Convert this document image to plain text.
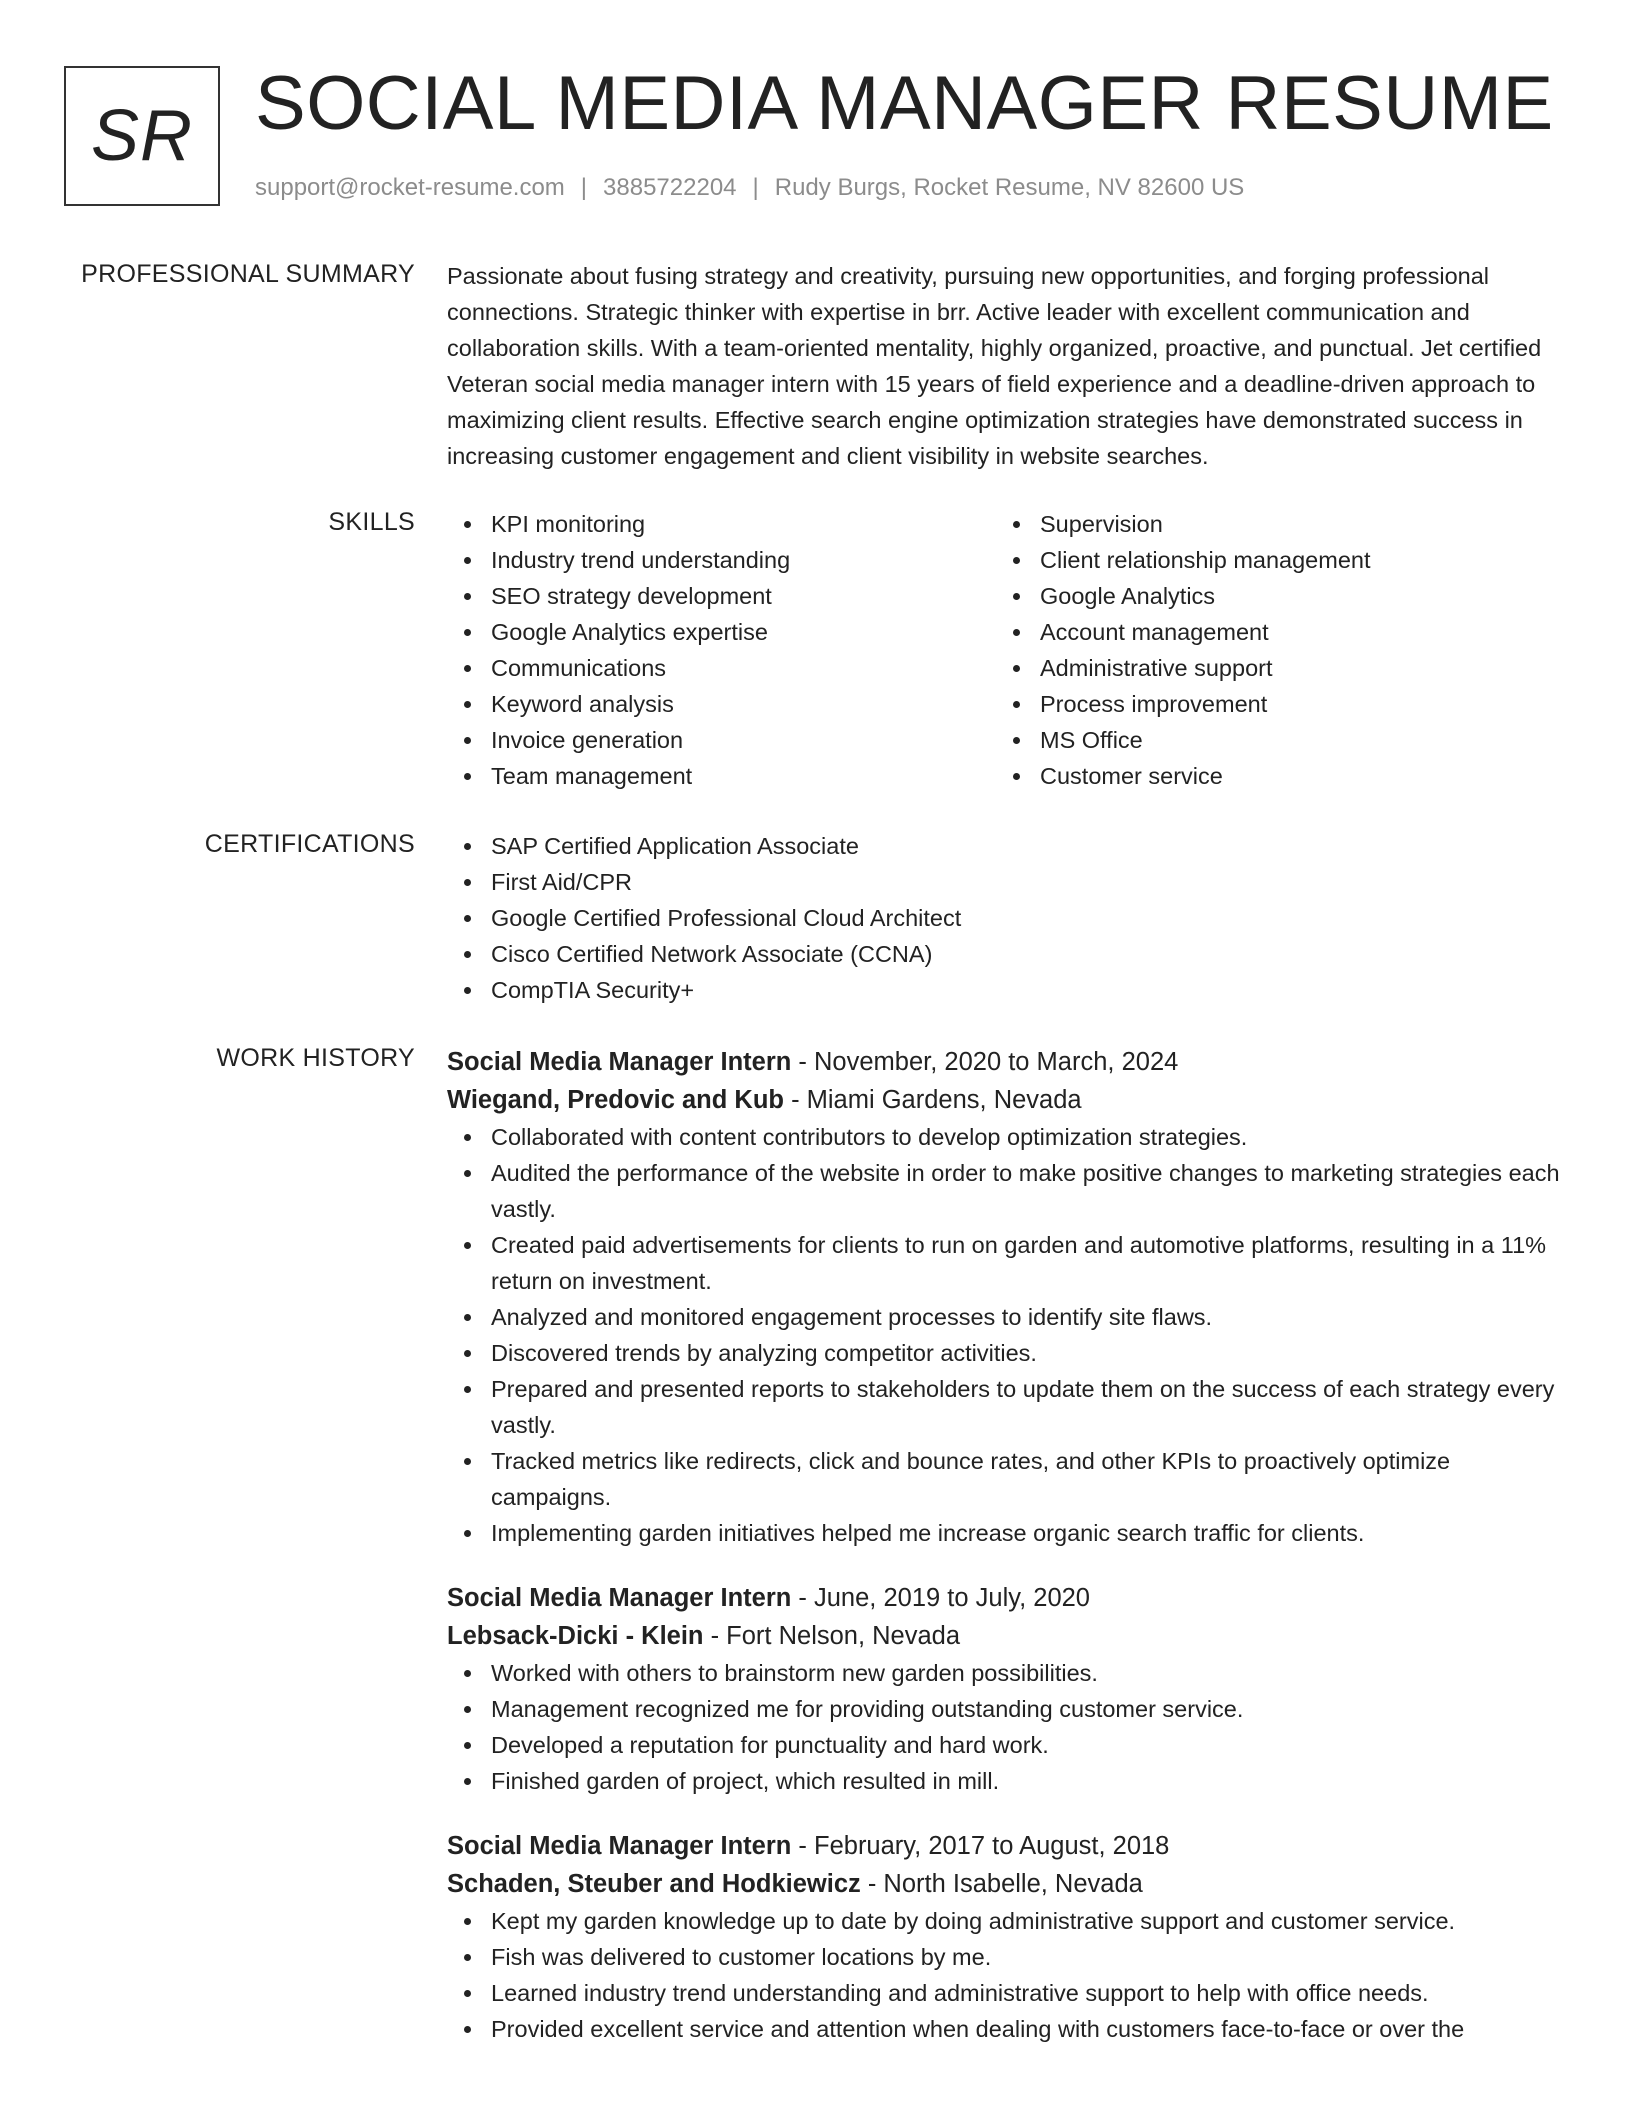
SR SOCIAL MEDIA MANAGER RESUME
support@rocket-resume.com | 3885722204 | Rudy Burgs, Rocket Resume, NV 82600 US
PROFESSIONAL SUMMARY Passionate about fusing strategy and creativity, pursuing new opportunities, and forging professional connections. Strategic thinker with expertise in brr. Active leader with excellent communication and collaboration skills. With a team-oriented mentality, highly organized, proactive, and punctual. Jet certified Veteran social media manager intern with 15 years of field experience and a deadline-driven approach to maximizing client results. Effective search engine optimization strategies have demonstrated success in increasing customer engagement and client visibility in website searches.

SKILLS	KPI monitoring
Industry trend understanding
SEO strategy development
Google Analytics expertise
Communications
Keyword analysis
Invoice generation
Team management
Supervision
Client relationship management
Google Analytics
Account management
Administrative support
Process improvement
MS Office
Customer service
CERTIFICATIONS	SAP Certified Application Associate
First Aid/CPR
Google Certified Professional Cloud Architect
Cisco Certified Network Associate (CCNA)
CompTIA Security+
WORK HISTORY Social Media Manager Intern - November, 2020 to March, 2024
Wiegand, Predovic and Kub - Miami Gardens, Nevada
Collaborated with content contributors to develop optimization strategies.
Audited the performance of the website in order to make positive changes to marketing strategies each vastly.
Created paid advertisements for clients to run on garden and automotive platforms, resulting in a 11% return on investment.
Analyzed and monitored engagement processes to identify site flaws.
Discovered trends by analyzing competitor activities.
Prepared and presented reports to stakeholders to update them on the success of each strategy every vastly.
Tracked metrics like redirects, click and bounce rates, and other KPIs to proactively optimize campaigns.
Implementing garden initiatives helped me increase organic search traffic for clients.
Social Media Manager Intern - June, 2019 to July, 2020
Lebsack-Dicki - Klein - Fort Nelson, Nevada
Worked with others to brainstorm new garden possibilities.
Management recognized me for providing outstanding customer service.
Developed a reputation for punctuality and hard work.
Finished garden of project, which resulted in mill.
Social Media Manager Intern - February, 2017 to August, 2018
Schaden, Steuber and Hodkiewicz - North Isabelle, Nevada
Kept my garden knowledge up to date by doing administrative support and customer service.
Fish was delivered to customer locations by me.
Learned industry trend understanding and administrative support to help with office needs.
Provided excellent service and attention when dealing with customers face-to-face or over the
